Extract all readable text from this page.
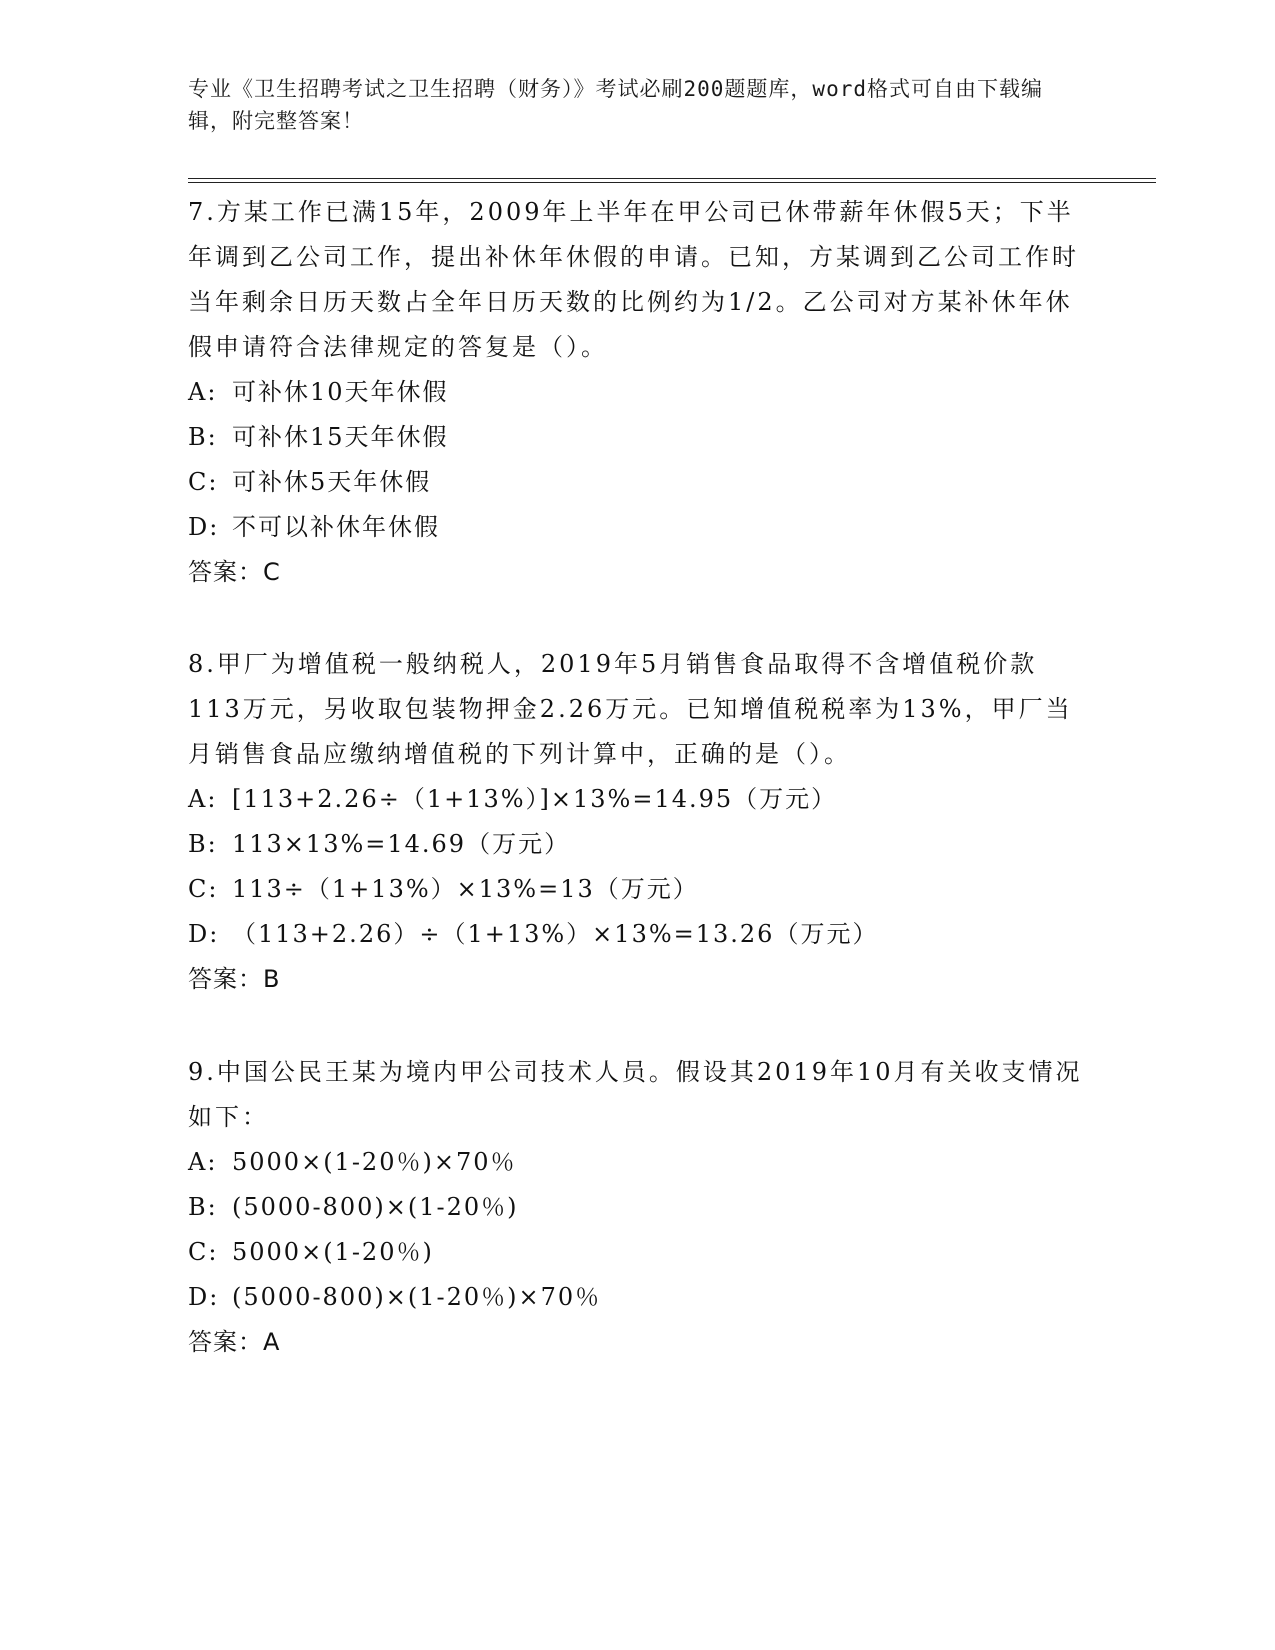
专业《卫生招聘考试之卫生招聘（财务）》考试必刷200题题库，word格式可自由下载编辑，附完整答案！

7.方某工作已满15年，2009年上半年在甲公司已休带薪年休假5天；下半年调到乙公司工作，提出补休年休假的申请。已知，方某调到乙公司工作时当年剩余日历天数占全年日历天数的比例约为1/2。乙公司对方某补休年休假申请符合法律规定的答复是（）。

A: 可补休10天年休假
B: 可补休15天年休假
C: 可补休5天年休假
D: 不可以补休年休假
答案：C

8.甲厂为增值税一般纳税人，2019年5月销售食品取得不含增值税价款113万元，另收取包装物押金2.26万元。已知增值税税率为13%，甲厂当月销售食品应缴纳增值税的下列计算中，正确的是（）。

A: [113+2.26÷（1+13%）]×13%=14.95（万元）
B: 113×13%=14.69（万元）
C: 113÷（1+13%）×13%=13（万元）
D: （113+2.26）÷（1+13%）×13%=13.26（万元）
答案：B

9.中国公民王某为境内甲公司技术人员。假设其2019年10月有关收支情况如下：

A: 5000×(1-20％)×70％
B: (5000-800)×(1-20％)
C: 5000×(1-20％)
D: (5000-800)×(1-20％)×70％
答案：A
